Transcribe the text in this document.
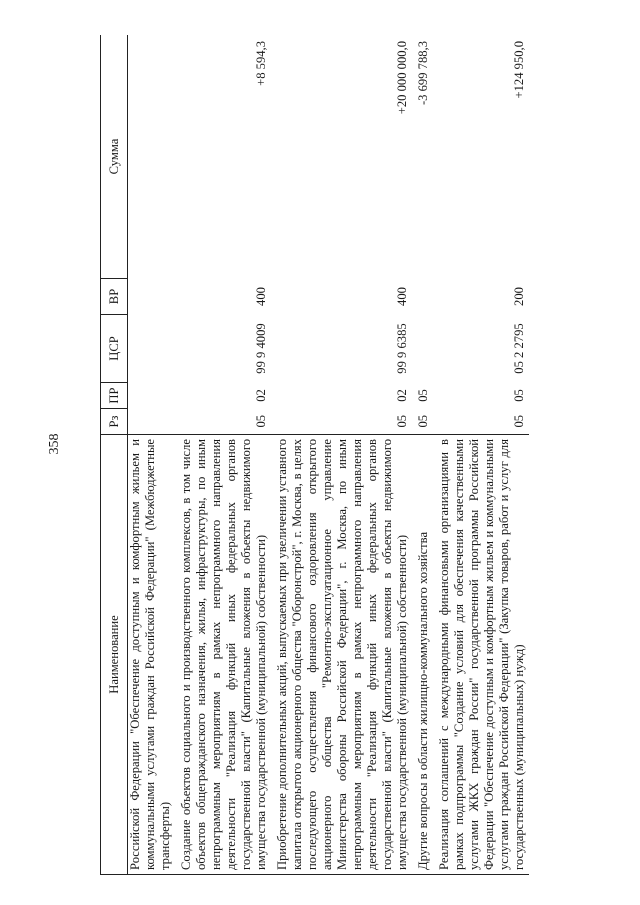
358
Наименование	Рз	ПР	ЦСР	ВР	Сумма
Российской Федерации "Обеспечение доступным и комфортным жильем и коммунальными услугами граждан Российской Федерации" (Межбюджетные трансферты)					
Создание объектов социального и производственного комплексов, в том числе объектов общегражданского назначения, жилья, инфраструктуры, по иным непрограммным мероприятиям в рамках непрограммного направления деятельности "Реализация функций иных федеральных органов государственной власти" (Капитальные вложения в объекты недвижимого имущества государственной (муниципальной) собственности)	05	02	99 9 4009	400	+8 594,3
Приобретение дополнительных акций, выпускаемых при увеличении уставного капитала открытого акционерного общества "Оборонстрой", г. Москва, в целях последующего осуществления финансового оздоровления открытого акционерного общества "Ремонтно-эксплуатационное управление Министерства обороны Российской Федерации", г. Москва, по иным непрограммным мероприятиям в рамках непрограммного направления деятельности "Реализация функций иных федеральных органов государственной власти" (Капитальные вложения в объекты недвижимого имущества государственной (муниципальной) собственности)	05	02	99 9 6385	400	+20 000 000,0
Другие вопросы в области жилищно-коммунального хозяйства	05	05			-3 699 788,3
Реализация соглашений с международными финансовыми организациями в рамках подпрограммы "Создание условий для обеспечения качественными услугами ЖКХ граждан России" государственной программы Российской Федерации "Обеспечение доступным и комфортным жильем и коммунальными услугами граждан Российской Федерации" (Закупка товаров, работ и услуг для государственных (муниципальных) нужд)	05	05	05 2 2795	200	+124 950,0
